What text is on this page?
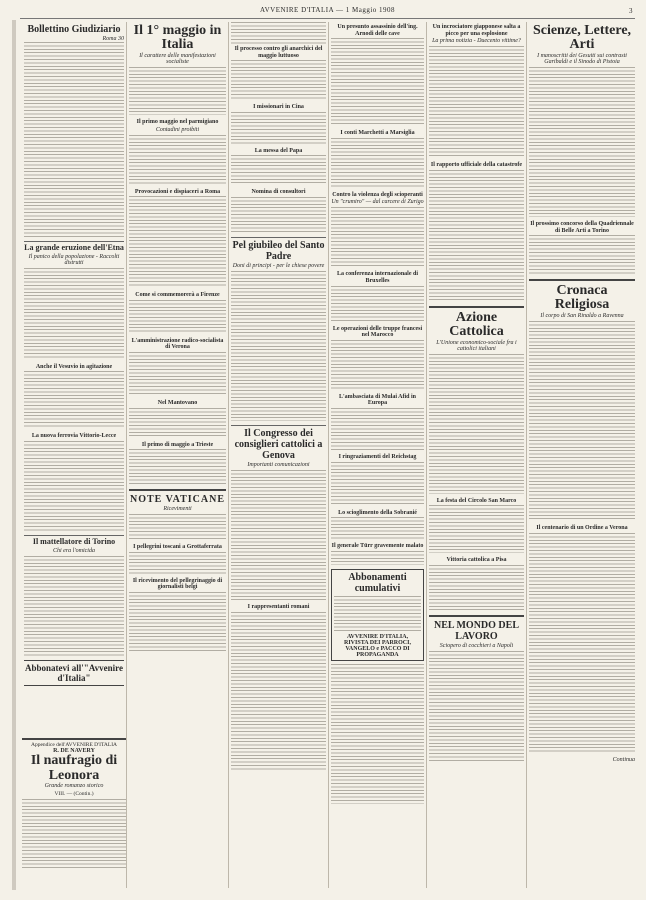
AVVENIRE D'ITALIA — 1 Maggio 1908	3
Bollettino Giudiziario
Roma 30
La grande eruzione dell'Etna
Il panico della popolazione - Raccolti distrutti
Anche il Vesuvio in agitazione
La nuova ferrovia Vittorio-Lecce
Il mattellatore di Torino
Chi era l'omicida
Abbonatevi all'"Avvenire d'Italia"
Il 1° maggio in Italia
Il carattere delle manifestazioni socialiste
Il primo maggio nel parmigiano
Contadini proibiti
Provocazioni e dispiaceri a Roma
Come si commemorerà a Firenze
L'amministrazione radico-socialista di Verona
Nel Mantovano
Il primo di maggio a Trieste
NOTE VATICANE
Ricevimenti
I pellegrini toscani a Grottaferrata
Il ricevimento del pellegrinaggio di giornalisti belgi
Il processo contro gli anarchici del maggio luttuoso
I missionari in Cina
La messa del Papa
Nomina di consultori
Pel giubileo del Santo Padre
Doni di principi - per le chiese povere
Il Congresso dei consiglieri cattolici a Genova
Importanti comunicazioni
I rappresentanti romani
Un presunto assassinio dell'ing. Arnodi delle cave
I conti Marchetti a Marsiglia
Contro la violenza degli scioperanti
Un "crumiro" — dal carcere di Zurigo
La conferenza internazionale di Bruxelles
Le operazioni delle truppe francesi nel Marocco
L'ambasciata di Mulai Afid in Europa
I ringraziamenti del Reichstag
Lo scioglimento della Sobranié
Il generale Türr gravemente malato
Abbonamenti cumulativi
AVVENIRE D'ITALIA, RIVISTA DEI PARROCI, VANGELO e PACCO DI PROPAGANDA
Un incrociatore giapponese salta a picco per una esplosione
La prima notizia - Duecento vittime?
Il rapporto ufficiale della catastrofe
Azione Cattolica
L'Unione economico-sociale fra i cattolici italiani
La festa del Circolo San Marco
Vittoria cattolica a Pisa
NEL MONDO DEL LAVORO
Sciopero di cocchieri a Napoli
Scienze, Lettere, Arti
I manoscritti dei Gesuiti sui contrasti Garibaldi e il Sinodo di Pistoia
Il prossimo concorso della Quadriennale di Belle Arti a Torino
Cronaca Religiosa
Il corpo di San Rinaldo a Ravenna
Il centenario di un Ordine a Verona
Continua
Appendice dell'AVVENIRE D'ITALIA
R. DE NAVERY
Il naufragio di Leonora
Grande romanzo storico
VIII. — (Contin.)
